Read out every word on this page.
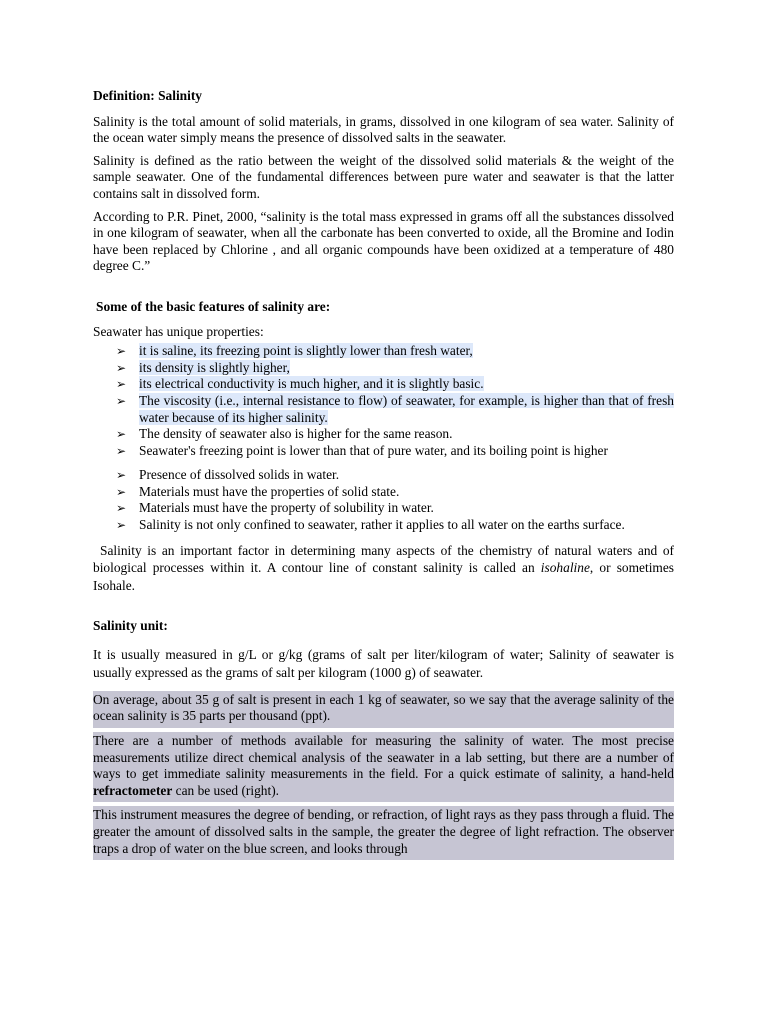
Definition: Salinity

Salinity is the total amount of solid materials, in grams, dissolved in one kilogram of sea water. Salinity of the ocean water simply means the presence of dissolved salts in the seawater.

Salinity is defined as the ratio between the weight of the dissolved solid materials & the weight of the sample seawater. One of the fundamental differences between pure water and seawater is that the latter contains salt in dissolved form.

According to P.R. Pinet, 2000, “salinity is the total mass expressed in grams off all the substances dissolved in one kilogram of seawater, when all the carbonate has been converted to oxide, all the Bromine and Iodin have been replaced by Chlorine , and all organic compounds have been oxidized at a temperature of 480 degree C.”

Some of the basic features of salinity are:

Seawater has unique properties:

➢ it is saline, its freezing point is slightly lower than fresh water,
➢ its density is slightly higher,
➢ its electrical conductivity is much higher, and it is slightly basic.
➢ The viscosity (i.e., internal resistance to flow) of seawater, for example, is higher than that of fresh water because of its higher salinity.
➢ The density of seawater also is higher for the same reason.
➢ Seawater's freezing point is lower than that of pure water, and its boiling point is higher
➢ Presence of dissolved solids in water.
➢ Materials must have the properties of solid state.
➢ Materials must have the property of solubility in water.
➢ Salinity is not only confined to seawater, rather it applies to all water on the earths surface.

Salinity is an important factor in determining many aspects of the chemistry of natural waters and of biological processes within it. A contour line of constant salinity is called an isohaline, or sometimes Isohale.

Salinity unit:

It is usually measured in g/L or g/kg (grams of salt per liter/kilogram of water; Salinity of seawater is usually expressed as the grams of salt per kilogram (1000 g) of seawater.

On average, about 35 g of salt is present in each 1 kg of seawater, so we say that the average salinity of the ocean salinity is 35 parts per thousand (ppt).

There are a number of methods available for measuring the salinity of water. The most precise measurements utilize direct chemical analysis of the seawater in a lab setting, but there are a number of ways to get immediate salinity measurements in the field. For a quick estimate of salinity, a hand-held refractometer can be used (right).

This instrument measures the degree of bending, or refraction, of light rays as they pass through a fluid. The greater the amount of dissolved salts in the sample, the greater the degree of light refraction. The observer traps a drop of water on the blue screen, and looks through
